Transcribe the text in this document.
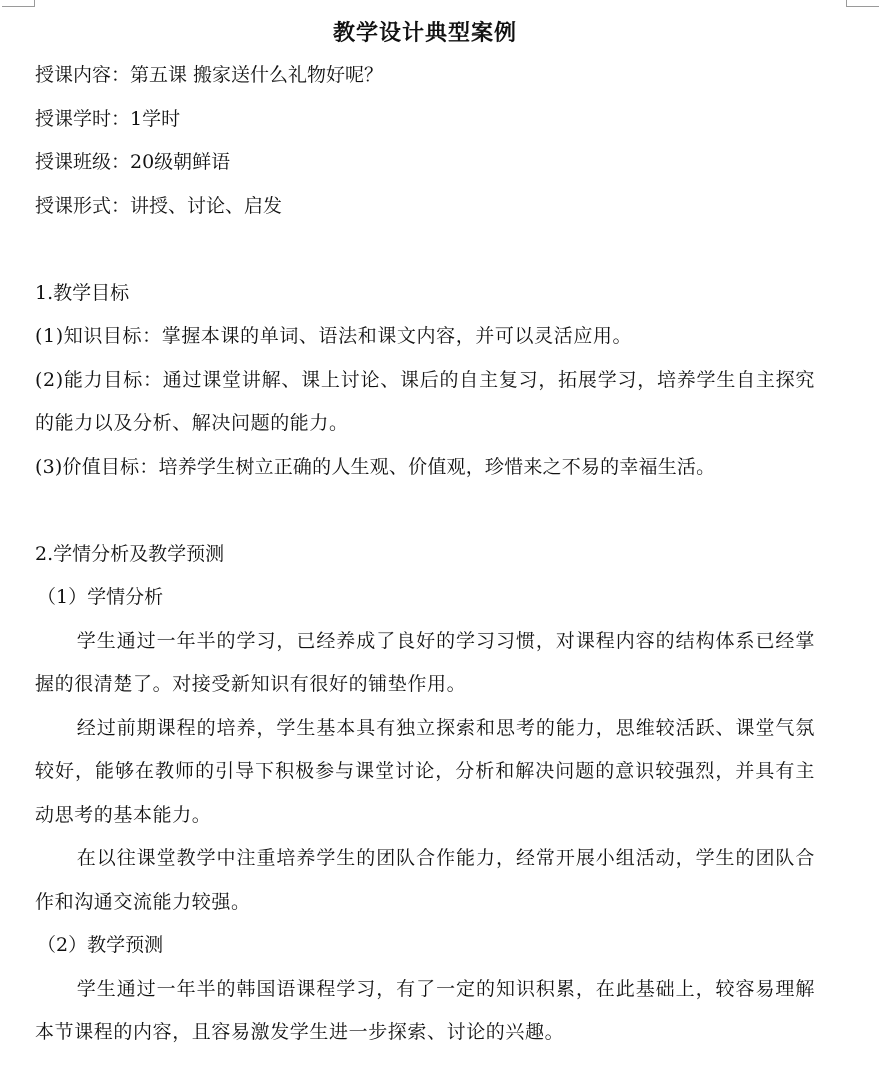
教学设计典型案例

授课内容：第五课 搬家送什么礼物好呢？

授课学时：1学时

授课班级：20级朝鲜语

授课形式：讲授、讨论、启发

1.教学目标

(1)知识目标：掌握本课的单词、语法和课文内容，并可以灵活应用。

(2)能力目标：通过课堂讲解、课上讨论、课后的自主复习，拓展学习，培养学生自主探究的能力以及分析、解决问题的能力。

(3)价值目标：培养学生树立正确的人生观、价值观，珍惜来之不易的幸福生活。

2.学情分析及教学预测

（1）学情分析

学生通过一年半的学习，已经养成了良好的学习习惯，对课程内容的结构体系已经掌握的很清楚了。对接受新知识有很好的铺垫作用。

经过前期课程的培养，学生基本具有独立探索和思考的能力，思维较活跃、课堂气氛较好，能够在教师的引导下积极参与课堂讨论，分析和解决问题的意识较强烈，并具有主动思考的基本能力。

在以往课堂教学中注重培养学生的团队合作能力，经常开展小组活动，学生的团队合作和沟通交流能力较强。

（2）教学预测

学生通过一年半的韩国语课程学习，有了一定的知识积累，在此基础上，较容易理解本节课程的内容，且容易激发学生进一步探索、讨论的兴趣。
